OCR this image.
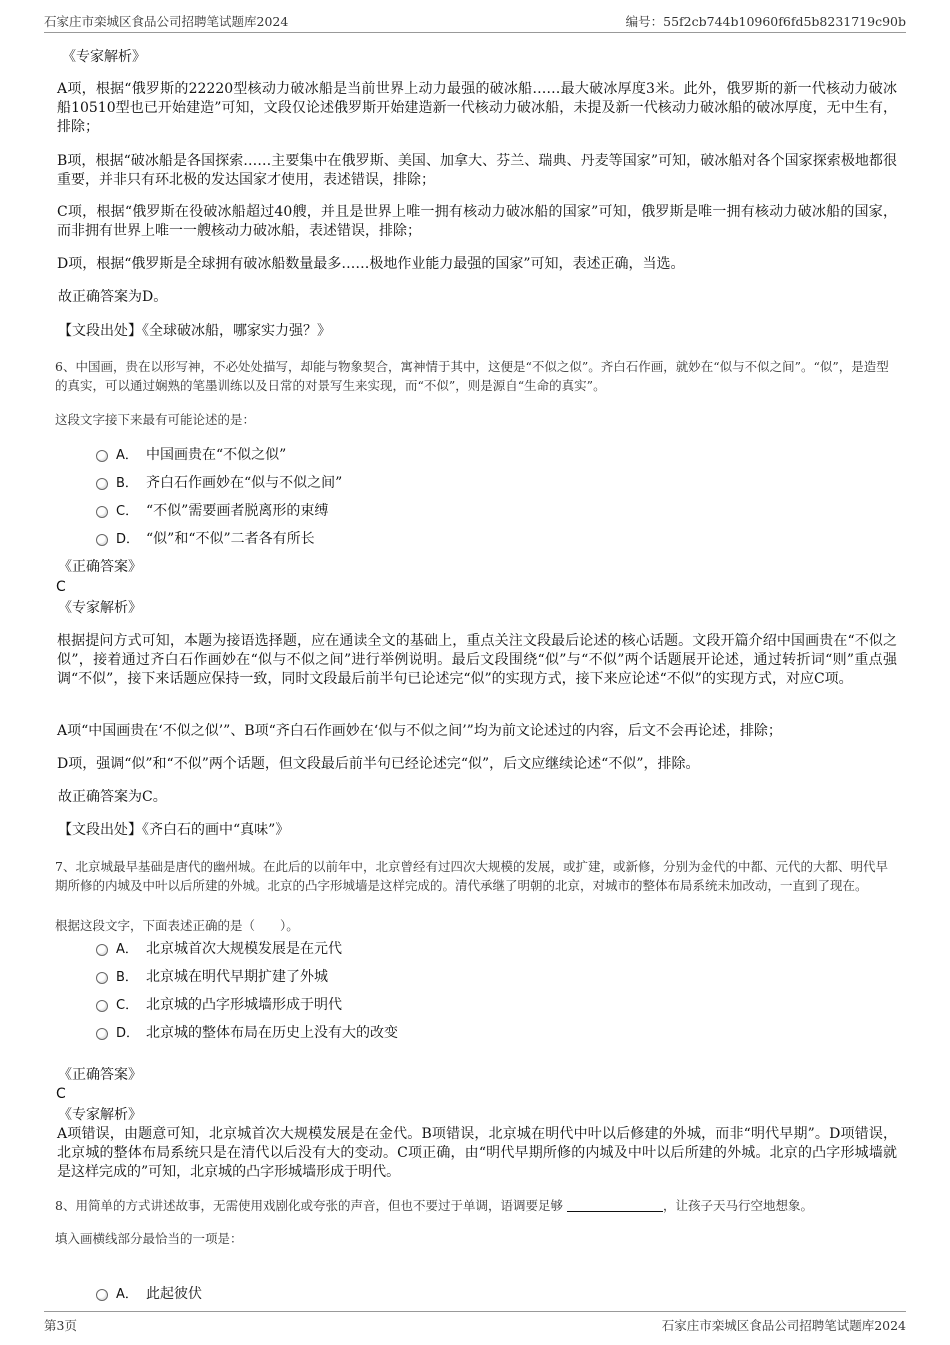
石家庄市栾城区食品公司招聘笔试题库2024	编号：55f2cb744b10960f6fd5b8231719c90b
《专家解析》
A项，根据“俄罗斯的22220型核动力破冰船是当前世界上动力最强的破冰船……最大破冰厚度3米。此外，俄罗斯的新一代核动力破冰船10510型也已开始建造”可知，文段仅论述俄罗斯开始建造新一代核动力破冰船，未提及新一代核动力破冰船的破冰厚度，无中生有，排除；
B项，根据“破冰船是各国探索……主要集中在俄罗斯、美国、加拿大、芬兰、瑞典、丹麦等国家”可知，破冰船对各个国家探索极地都很重要，并非只有环北极的发达国家才使用，表述错误，排除；
C项，根据“俄罗斯在役破冰船超过40艘，并且是世界上唯一拥有核动力破冰船的国家”可知，俄罗斯是唯一拥有核动力破冰船的国家，而非拥有世界上唯一一艘核动力破冰船，表述错误，排除；
D项，根据“俄罗斯是全球拥有破冰船数量最多……极地作业能力最强的国家”可知，表述正确，当选。
故正确答案为D。
【文段出处】《全球破冰船，哪家实力强？》
6、中国画，贵在以形写神，不必处处描写，却能与物象契合，寓神情于其中，这便是“不似之似”。齐白石作画，就妙在“似与不似之间”。“似”，是造型的真实，可以通过娴熟的笔墨训练以及日常的对景写生来实现，而“不似”，则是源自“生命的真实”。
这段文字接下来最有可能论述的是：
A． 中国画贵在“不似之似”
B． 齐白石作画妙在“似与不似之间”
C． “不似”需要画者脱离形的束缚
D． “似”和“不似”二者各有所长
《正确答案》
C
《专家解析》
根据提问方式可知，本题为接语选择题，应在通读全文的基础上，重点关注文段最后论述的核心话题。文段开篇介绍中国画贵在“不似之似”，接着通过齐白石作画妙在“似与不似之间”进行举例说明。最后文段围绕“似”与“不似”两个话题展开论述，通过转折词“则”重点强调“不似”，接下来话题应保持一致，同时文段最后前半句已论述完“似”的实现方式，接下来应论述“不似”的实现方式，对应C项。
A项“中国画贵在‘不似之似’”、B项“齐白石作画妙在‘似与不似之间’”均为前文论述过的内容，后文不会再论述，排除；
D项，强调“似”和“不似”两个话题，但文段最后前半句已经论述完“似”，后文应继续论述“不似”，排除。
故正确答案为C。
【文段出处】《齐白石的画中“真味”》
7、北京城最早基础是唐代的幽州城。在此后的以前年中，北京曾经有过四次大规模的发展，或扩建，或新修，分别为金代的中都、元代的大都、明代早期所修的内城及中叶以后所建的外城。北京的凸字形城墙是这样完成的。清代承继了明朝的北京，对城市的整体布局系统未加改动，一直到了现在。
根据这段文字，下面表述正确的是（　　）。
A． 北京城首次大规模发展是在元代
B． 北京城在明代早期扩建了外城
C． 北京城的凸字形城墙形成于明代
D． 北京城的整体布局在历史上没有大的改变
《正确答案》
C
《专家解析》
A项错误，由题意可知，北京城首次大规模发展是在金代。B项错误，北京城在明代中叶以后修建的外城，而非“明代早期”。D项错误，北京城的整体布局系统只是在清代以后没有大的变动。C项正确，由“明代早期所修的内城及中叶以后所建的外城。北京的凸字形城墙就是这样完成的”可知，北京城的凸字形城墙形成于明代。
8、用简单的方式讲述故事，无需使用戏剧化或夸张的声音，但也不要过于单调，语调要足够	，让孩子天马行空地想象。
填入画横线部分最恰当的一项是：
A． 此起彼伏
第3页	石家庄市栾城区食品公司招聘笔试题库2024
